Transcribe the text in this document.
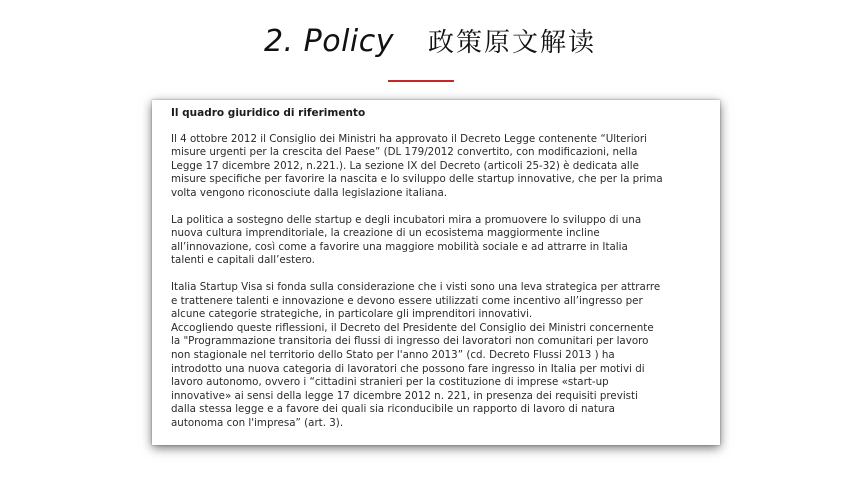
2. Policy 政策原文解读
Il quadro giuridico di riferimento
Il 4 ottobre 2012 il Consiglio dei Ministri ha approvato il Decreto Legge contenente “Ulteriori
misure urgenti per la crescita del Paese” (DL 179/2012 convertito, con modificazioni, nella
Legge 17 dicembre 2012, n.221.). La sezione IX del Decreto (articoli 25-32) è dedicata alle
misure specifiche per favorire la nascita e lo sviluppo delle startup innovative, che per la prima
volta vengono riconosciute dalla legislazione italiana.
La politica a sostegno delle startup e degli incubatori mira a promuovere lo sviluppo di una
nuova cultura imprenditoriale, la creazione di un ecosistema maggiormente incline
all’innovazione, così come a favorire una maggiore mobilità sociale e ad attrarre in Italia
talenti e capitali dall’estero.
Italia Startup Visa si fonda sulla considerazione che i visti sono una leva strategica per attrarre
e trattenere talenti e innovazione e devono essere utilizzati come incentivo all’ingresso per
alcune categorie strategiche, in particolare gli imprenditori innovativi.
Accogliendo queste riflessioni, il Decreto del Presidente del Consiglio dei Ministri concernente
la "Programmazione transitoria dei flussi di ingresso dei lavoratori non comunitari per lavoro
non stagionale nel territorio dello Stato per l'anno 2013” (cd. Decreto Flussi 2013 ) ha
introdotto una nuova categoria di lavoratori che possono fare ingresso in Italia per motivi di
lavoro autonomo, ovvero i “cittadini stranieri per la costituzione di imprese «start-up
innovative» ai sensi della legge 17 dicembre 2012 n. 221, in presenza dei requisiti previsti
dalla stessa legge e a favore dei quali sia riconducibile un rapporto di lavoro di natura
autonoma con l'impresa” (art. 3).
